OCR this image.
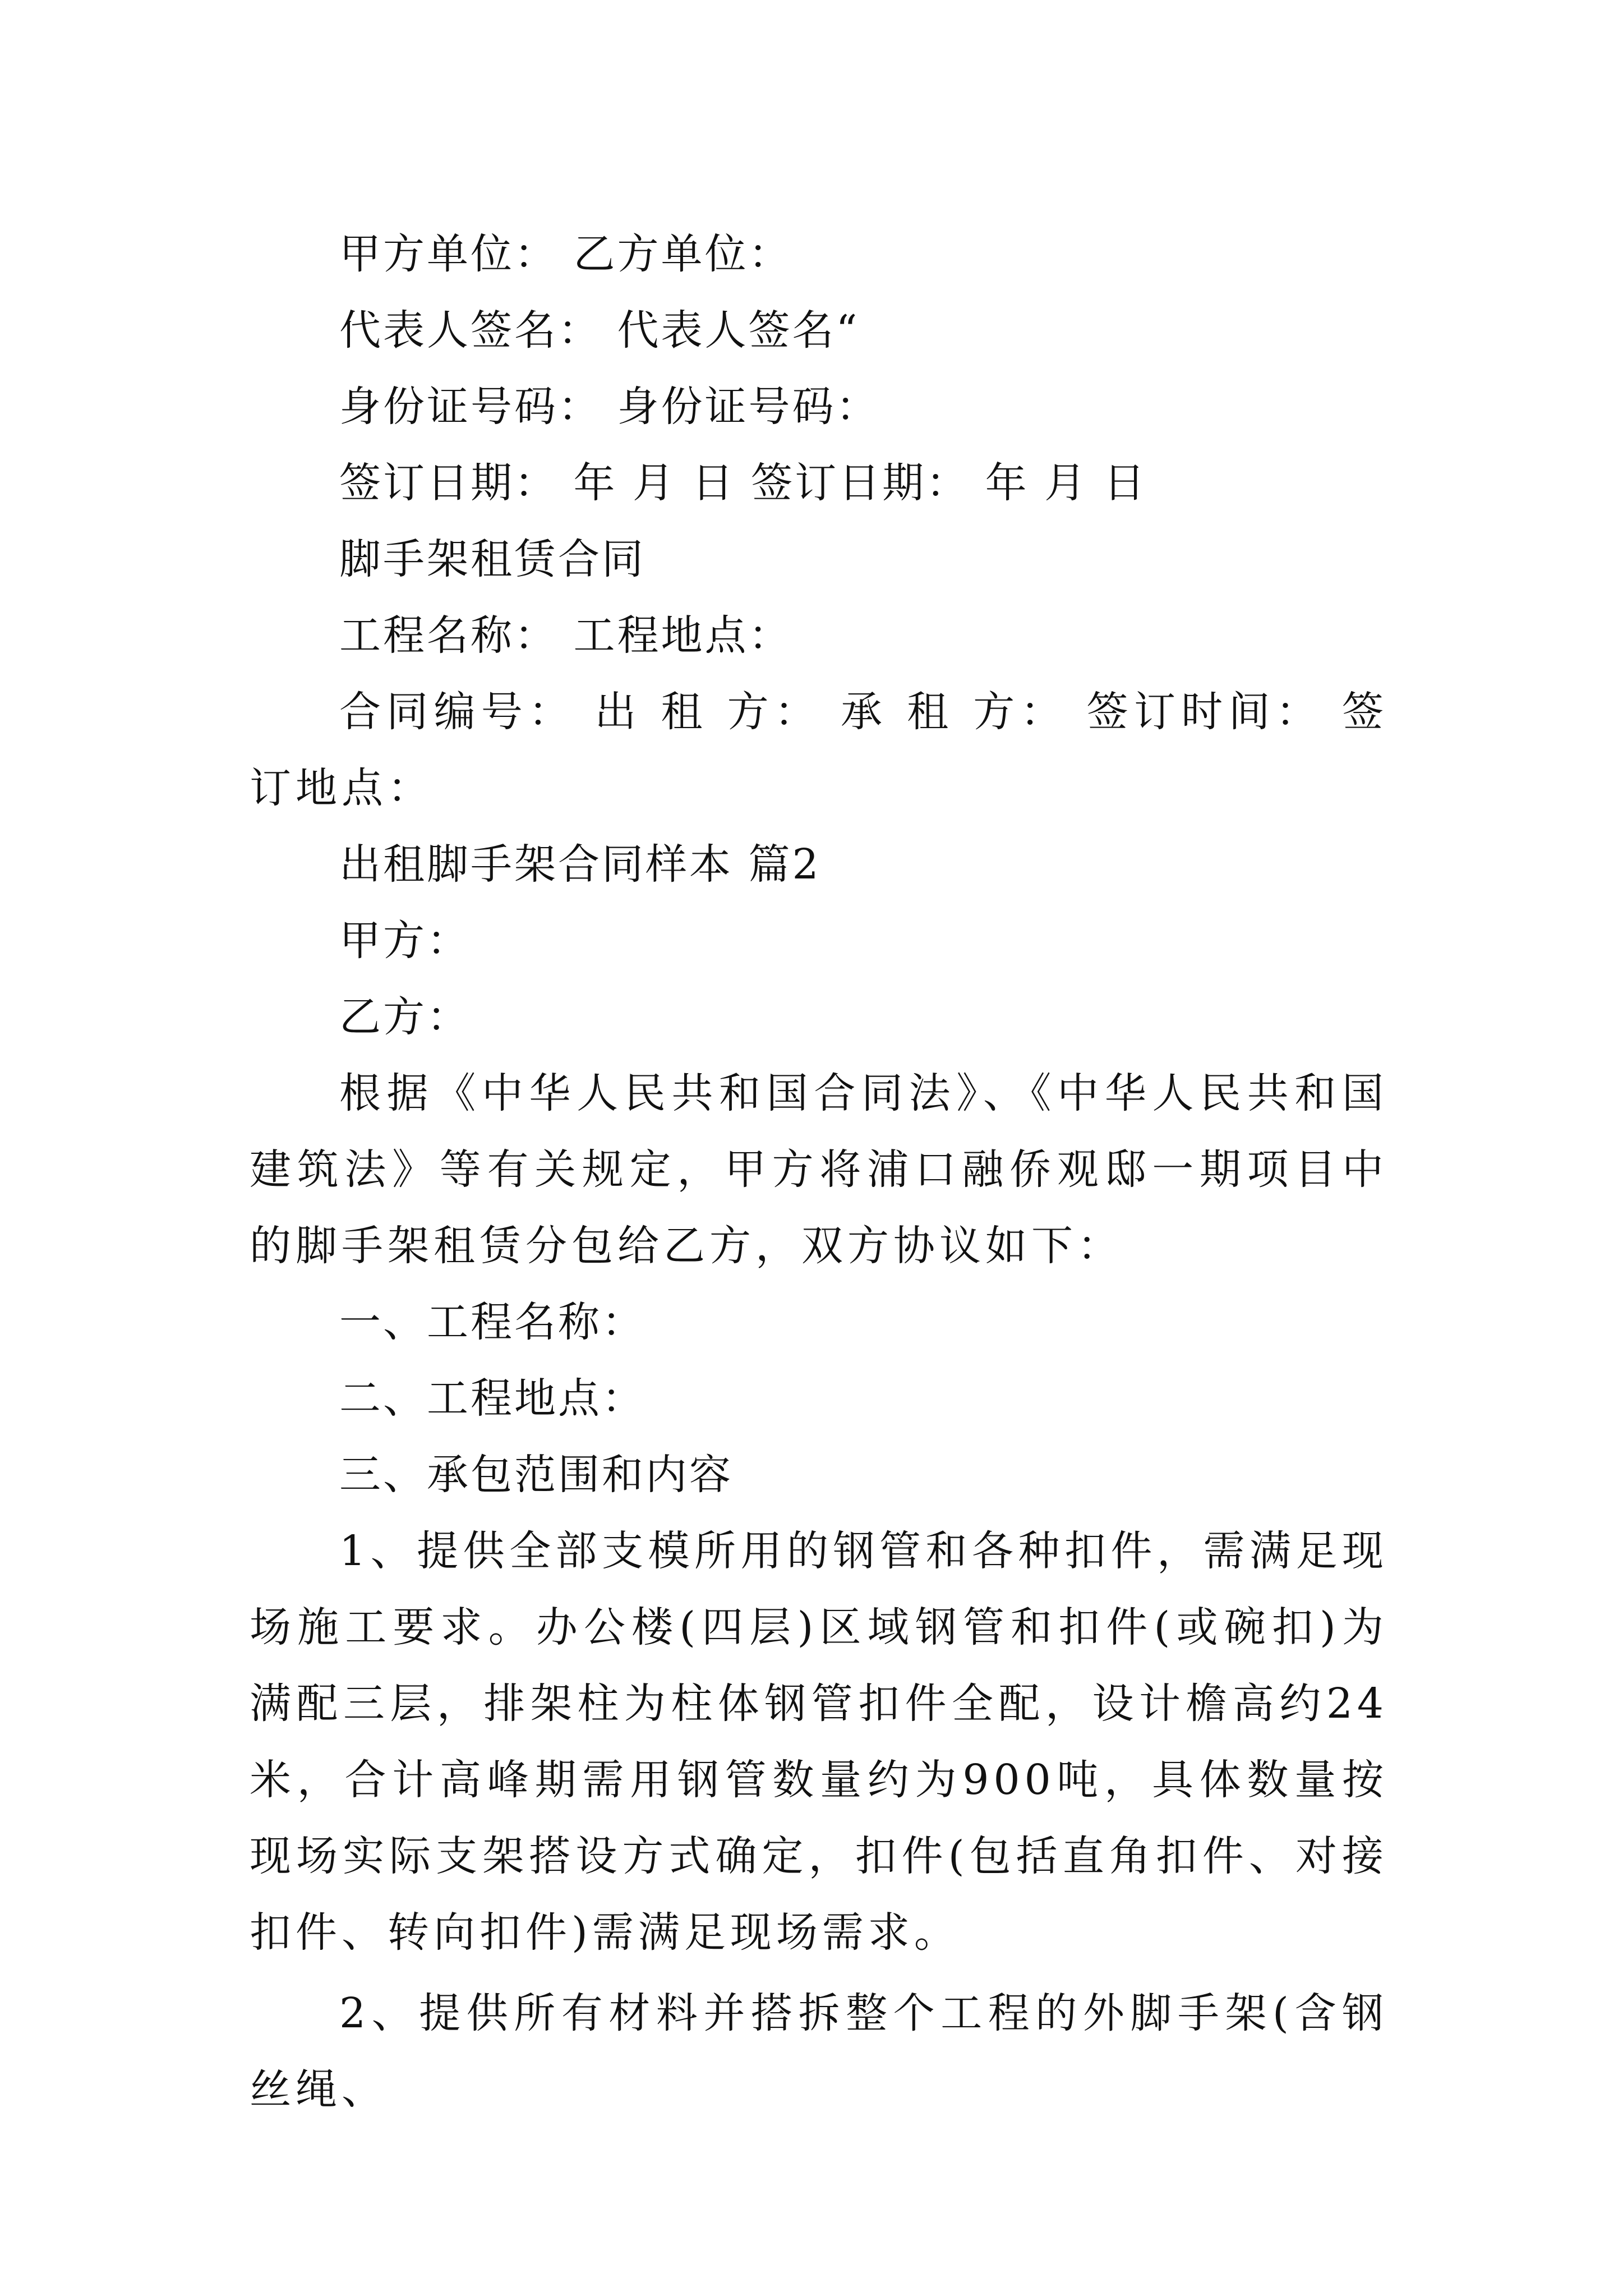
甲方单位： 乙方单位：
代表人签名： 代表人签名“
身份证号码： 身份证号码：
签订日期： 年 月 日 签订日期： 年 月 日
脚手架租赁合同
工程名称： 工程地点：
合同编号： 出 租 方： 承 租 方： 签订时间： 签订地点：
出租脚手架合同样本 篇2
甲方：
乙方：
根据《中华人民共和国合同法》、《中华人民共和国建筑法》等有关规定，甲方将浦口融侨观邸一期项目中的脚手架租赁分包给乙方，双方协议如下：
一、工程名称：
二、工程地点：
三、承包范围和内容
1、提供全部支模所用的钢管和各种扣件，需满足现场施工要求。办公楼(四层)区域钢管和扣件(或碗扣)为满配三层，排架柱为柱体钢管扣件全配，设计檐高约24米，合计高峰期需用钢管数量约为900吨，具体数量按现场实际支架搭设方式确定，扣件(包括直角扣件、对接扣件、转向扣件)需满足现场需求。
2、提供所有材料并搭拆整个工程的外脚手架(含钢丝绳、
